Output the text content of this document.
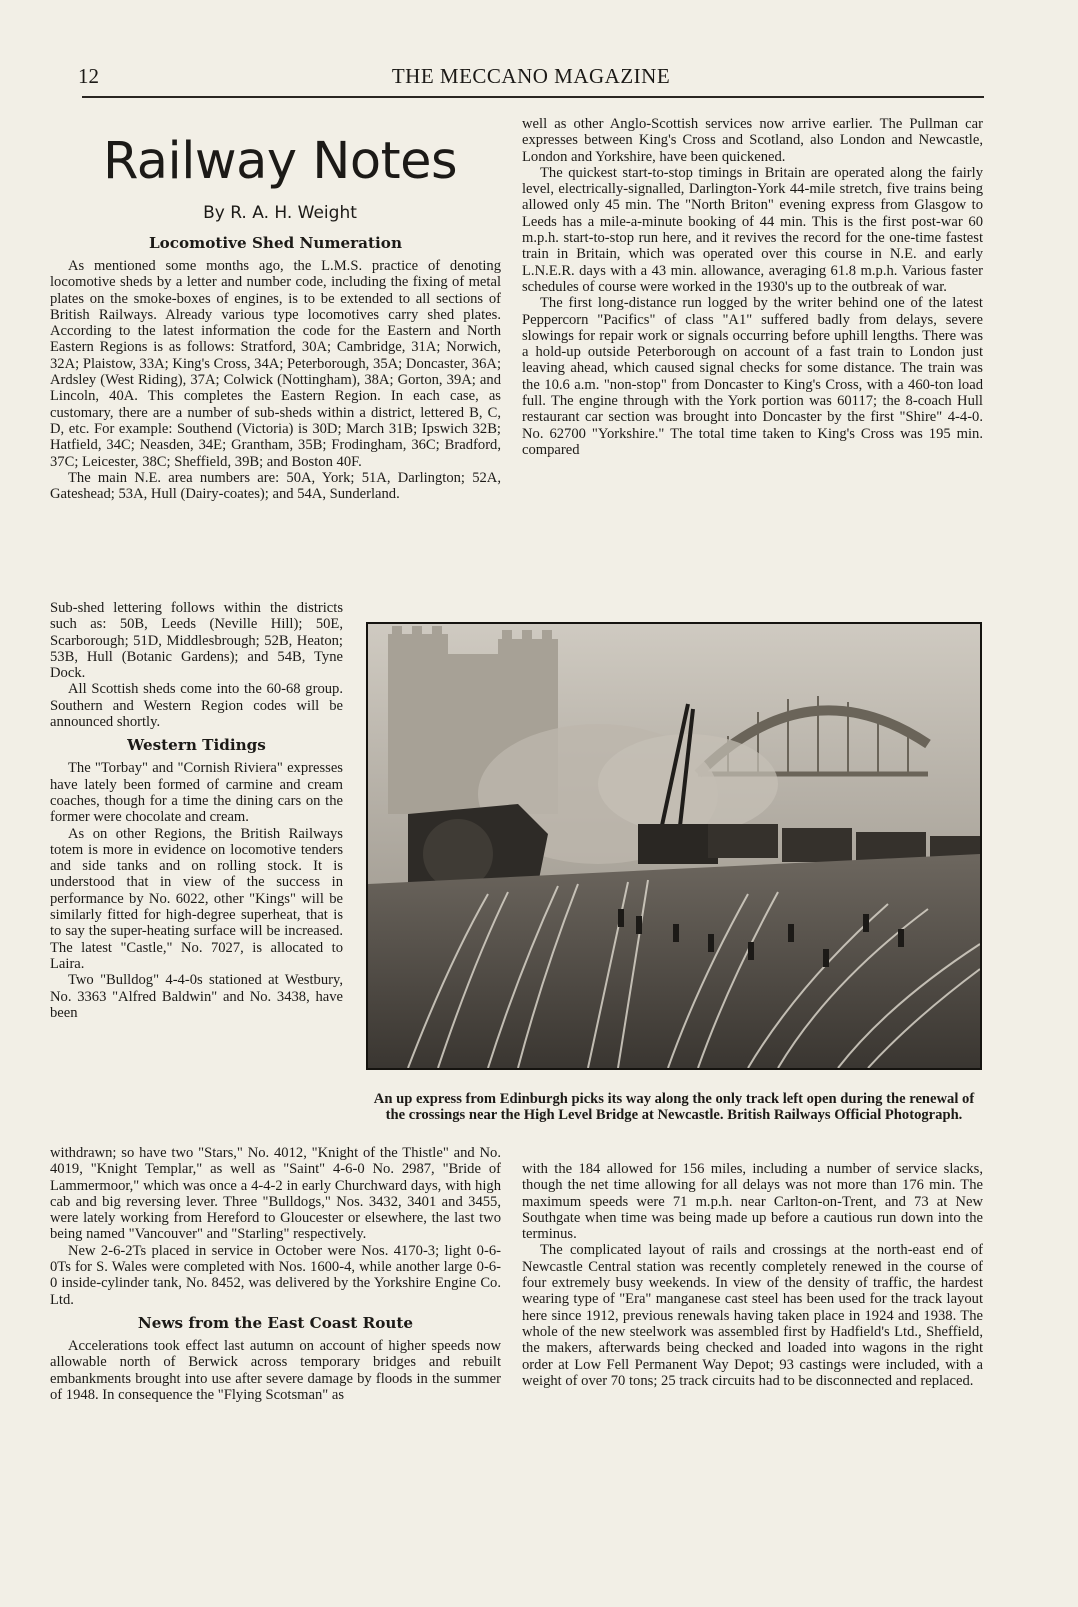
12	THE MECCANO MAGAZINE
Railway Notes
By R. A. H. Weight
Locomotive Shed Numeration

As mentioned some months ago, the L.M.S. practice of denoting locomotive sheds by a letter and number code, including the fixing of metal plates on the smoke-boxes of engines, is to be extended to all sections of British Railways. Already various type locomotives carry shed plates. According to the latest information the code for the Eastern and North Eastern Regions is as follows: Stratford, 30A; Cambridge, 31A; Norwich, 32A; Plaistow, 33A; King's Cross, 34A; Peterborough, 35A; Doncaster, 36A; Ardsley (West Riding), 37A; Colwick (Nottingham), 38A; Gorton, 39A; and Lincoln, 40A. This completes the Eastern Region. In each case, as customary, there are a number of sub-sheds within a district, lettered B, C, D, etc. For example: Southend (Victoria) is 30D; March 31B; Ipswich 32B; Hatfield, 34C; Neasden, 34E; Grantham, 35B; Frodingham, 36C; Bradford, 37C; Leicester, 38C; Sheffield, 39B; and Boston 40F.

The main N.E. area numbers are: 50A, York; 51A, Darlington; 52A, Gateshead; 53A, Hull (Dairy-coates); and 54A, Sunderland.

Sub-shed lettering follows within the districts such as: 50B, Leeds (Neville Hill); 50E, Scarborough; 51D, Middlesbrough; 52B, Heaton; 53B, Hull (Botanic Gardens); and 54B, Tyne Dock.

All Scottish sheds come into the 60-68 group. Southern and Western Region codes will be announced shortly.

Western Tidings

The "Torbay" and "Cornish Riviera" expresses have lately been formed of carmine and cream coaches, though for a time the dining cars on the former were chocolate and cream.

As on other Regions, the British Railways totem is more in evidence on locomotive tenders and side tanks and on rolling stock. It is understood that in view of the success in performance by No. 6022, other "Kings" will be similarly fitted for high-degree superheat, that is to say the super-heating surface will be increased. The latest "Castle," No. 7027, is allocated to Laira.

Two "Bulldog" 4-4-0s stationed at Westbury, No. 3363 "Alfred Baldwin" and No. 3438, have been

withdrawn; so have two "Stars," No. 4012, "Knight of the Thistle" and No. 4019, "Knight Templar," as well as "Saint" 4-6-0 No. 2987, "Bride of Lammermoor," which was once a 4-4-2 in early Churchward days, with high cab and big reversing lever. Three "Bulldogs," Nos. 3432, 3401 and 3455, were lately working from Hereford to Gloucester or elsewhere, the last two being named "Vancouver" and "Starling" respectively.

New 2-6-2Ts placed in service in October were Nos. 4170-3; light 0-6-0Ts for S. Wales were completed with Nos. 1600-4, while another large 0-6-0 inside-cylinder tank, No. 8452, was delivered by the Yorkshire Engine Co. Ltd.

News from the East Coast Route

Accelerations took effect last autumn on account of higher speeds now allowable north of Berwick across temporary bridges and rebuilt embankments brought into use after severe damage by floods in the summer of 1948. In consequence the "Flying Scotsman" as

well as other Anglo-Scottish services now arrive earlier. The Pullman car expresses between King's Cross and Scotland, also London and Newcastle, London and Yorkshire, have been quickened.

The quickest start-to-stop timings in Britain are operated along the fairly level, electrically-signalled, Darlington-York 44-mile stretch, five trains being allowed only 45 min. The "North Briton" evening express from Glasgow to Leeds has a mile-a-minute booking of 44 min. This is the first post-war 60 m.p.h. start-to-stop run here, and it revives the record for the one-time fastest train in Britain, which was operated over this course in N.E. and early L.N.E.R. days with a 43 min. allowance, averaging 61.8 m.p.h. Various faster schedules of course were worked in the 1930's up to the outbreak of war.

The first long-distance run logged by the writer behind one of the latest Peppercorn "Pacifics" of class "A1" suffered badly from delays, severe slowings for repair work or signals occurring before uphill lengths. There was a hold-up outside Peterborough on account of a fast train to London just leaving ahead, which caused signal checks for some distance. The train was the 10.6 a.m. "non-stop" from Doncaster to King's Cross, with a 460-ton load full. The engine through with the York portion was 60117; the 8-coach Hull restaurant car section was brought into Doncaster by the first "Shire" 4-4-0. No. 62700 "Yorkshire." The total time taken to King's Cross was 195 min. compared

An up express from Edinburgh picks its way along the only track left open during the renewal of the crossings near the High Level Bridge at Newcastle. British Railways Official Photograph.

with the 184 allowed for 156 miles, including a number of service slacks, though the net time allowing for all delays was not more than 176 min. The maximum speeds were 71 m.p.h. near Carlton-on-Trent, and 73 at New Southgate when time was being made up before a cautious run down into the terminus.

The complicated layout of rails and crossings at the north-east end of Newcastle Central station was recently completely renewed in the course of four extremely busy weekends. In view of the density of traffic, the hardest wearing type of "Era" manganese cast steel has been used for the track layout here since 1912, previous renewals having taken place in 1924 and 1938. The whole of the new steelwork was assembled first by Hadfield's Ltd., Sheffield, the makers, afterwards being checked and loaded into wagons in the right order at Low Fell Permanent Way Depot; 93 castings were included, with a weight of over 70 tons; 25 track circuits had to be disconnected and replaced.
